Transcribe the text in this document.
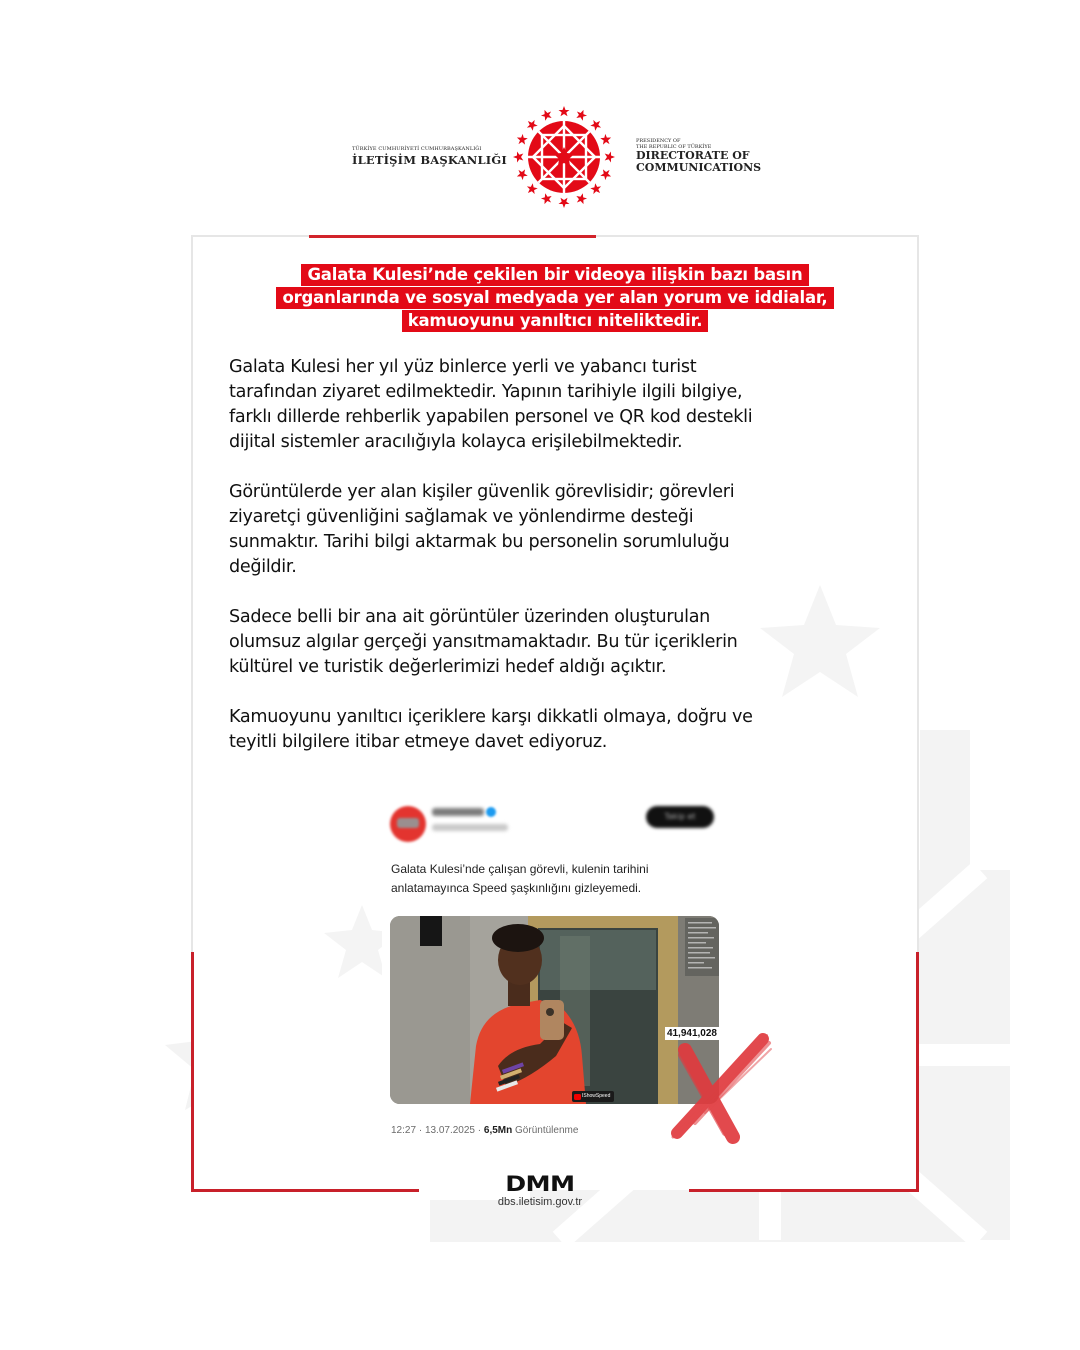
TÜRKİYE CUMHURİYETİ CUMHURBAŞKANLIĞI
İLETİŞİM BAŞKANLIĞI
PRESIDENCY OF
THE REPUBLIC OF TÜRKİYE
DIRECTORATE OF
COMMUNICATIONS
Galata Kulesi’nde çekilen bir videoya ilişkin bazı basın
organlarında ve sosyal medyada yer alan yorum ve iddialar,
kamuoyunu yanıltıcı niteliktedir.

Galata Kulesi her yıl yüz binlerce yerli ve yabancı turist
tarafından ziyaret edilmektedir. Yapının tarihiyle ilgili bilgiye,
farklı dillerde rehberlik yapabilen personel ve QR kod destekli
dijital sistemler aracılığıyla kolayca erişilebilmektedir.

Görüntülerde yer alan kişiler güvenlik görevlisidir; görevleri
ziyaretçi güvenliğini sağlamak ve yönlendirme desteği
sunmaktır. Tarihi bilgi aktarmak bu personelin sorumluluğu
değildir.

Sadece belli bir ana ait görüntüler üzerinden oluşturulan
olumsuz algılar gerçeği yansıtmamaktadır. Bu tür içeriklerin
kültürel ve turistik değerlerimizi hedef aldığı açıktır.

Kamuoyunu yanıltıcı içeriklere karşı dikkatli olmaya, doğru ve
teyitli bilgilere itibar etmeye davet ediyoruz.

Takip et
Galata Kulesi’nde çalışan görevli, kulenin tarihini
anlatamayınca Speed şaşkınlığını gizleyemedi.
41,941,028
IShowSpeed
12:27 · 13.07.2025 · 6,5Mn Görüntülenme
DMM
dbs.iletisim.gov.tr
